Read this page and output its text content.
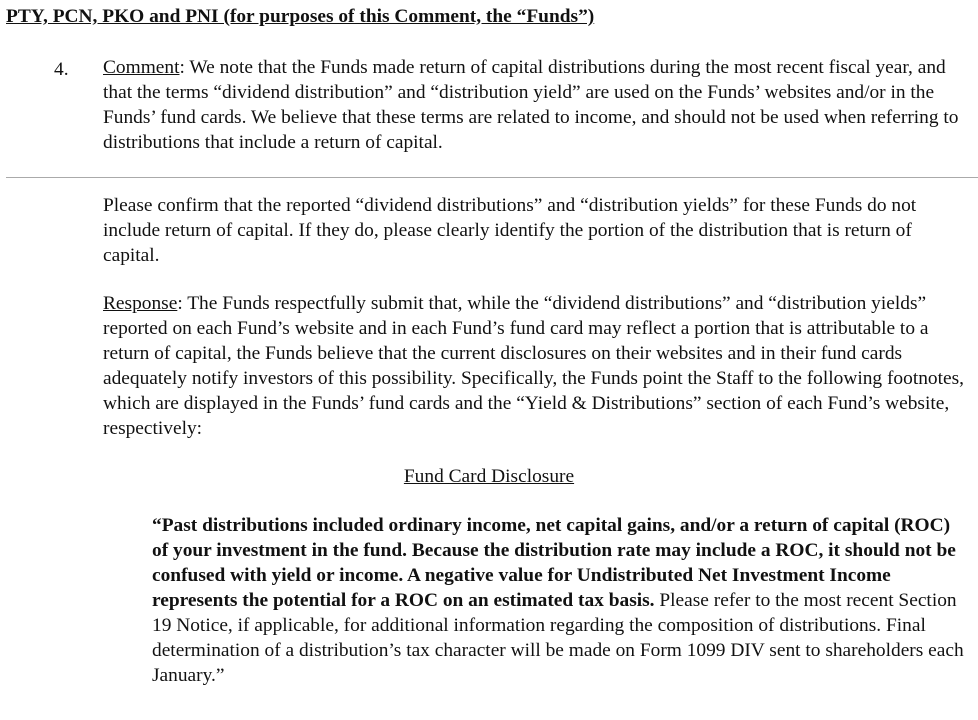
PTY, PCN, PKO and PNI (for purposes of this Comment, the “Funds”)
4. Comment: We note that the Funds made return of capital distributions during the most recent fiscal year, and that the terms “dividend distribution” and “distribution yield” are used on the Funds’ websites and/or in the Funds’ fund cards. We believe that these terms are related to income, and should not be used when referring to distributions that include a return of capital.

Please confirm that the reported “dividend distributions” and “distribution yields” for these Funds do not include return of capital. If they do, please clearly identify the portion of the distribution that is return of capital.

Response: The Funds respectfully submit that, while the “dividend distributions” and “distribution yields” reported on each Fund’s website and in each Fund’s fund card may reflect a portion that is attributable to a return of capital, the Funds believe that the current disclosures on their websites and in their fund cards adequately notify investors of this possibility. Specifically, the Funds point the Staff to the following footnotes, which are displayed in the Funds’ fund cards and the “Yield & Distributions” section of each Fund’s website, respectively:

Fund Card Disclosure

“Past distributions included ordinary income, net capital gains, and/or a return of capital (ROC) of your investment in the fund. Because the distribution rate may include a ROC, it should not be confused with yield or income. A negative value for Undistributed Net Investment Income represents the potential for a ROC on an estimated tax basis. Please refer to the most recent Section 19 Notice, if applicable, for additional information regarding the composition of distributions. Final determination of a distribution’s tax character will be made on Form 1099 DIV sent to shareholders each January.”
